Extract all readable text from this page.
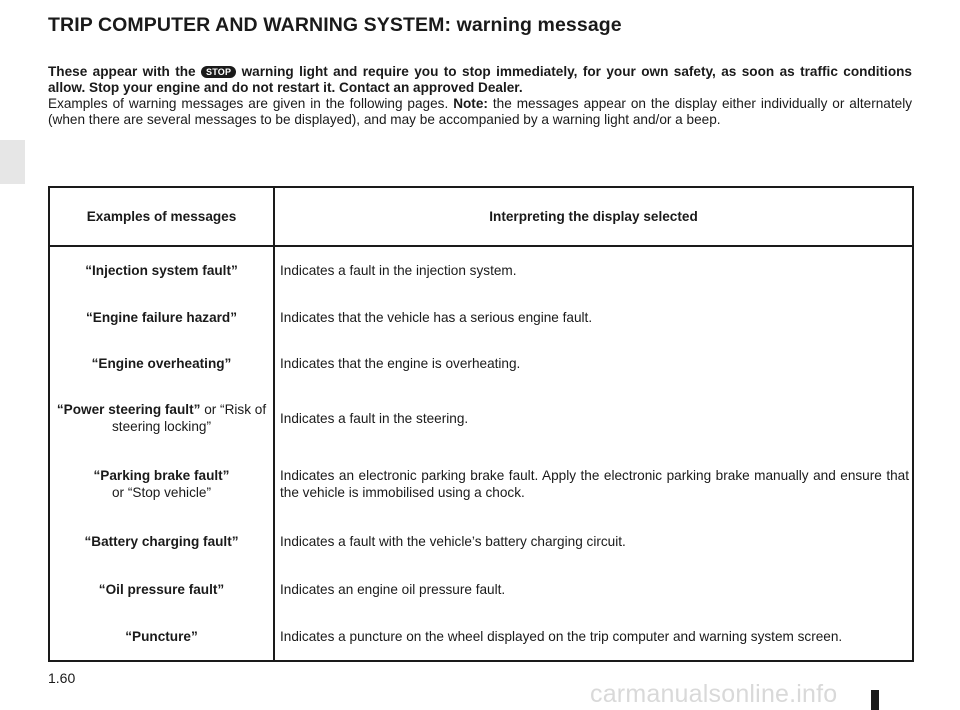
TRIP COMPUTER AND WARNING SYSTEM: warning message

These appear with the STOP warning light and require you to stop immediately, for your own safety, as soon as traffic conditions allow. Stop your engine and do not restart it. Contact an approved Dealer.

Examples of warning messages are given in the following pages. Note: the messages appear on the display either individually or alternately (when there are several messages to be displayed), and may be accompanied by a warning light and/or a beep.

Examples of messages	Interpreting the display selected
“Injection system fault”	Indicates a fault in the injection system.
“Engine failure hazard”	Indicates that the vehicle has a serious engine fault.
“Engine overheating”	Indicates that the engine is overheating.
“Power steering fault” or “Risk of steering locking”	Indicates a fault in the steering.
“Parking brake fault”
or “Stop vehicle”	Indicates an electronic parking brake fault. Apply the electronic parking brake manually and ensure that the vehicle is immobilised using a chock.
“Battery charging fault”	Indicates a fault with the vehicle’s battery charging circuit.
“Oil pressure fault”	Indicates an engine oil pressure fault.
“Puncture”	Indicates a puncture on the wheel displayed on the trip computer and warning system screen.
1.60
carmanualsonline.info
